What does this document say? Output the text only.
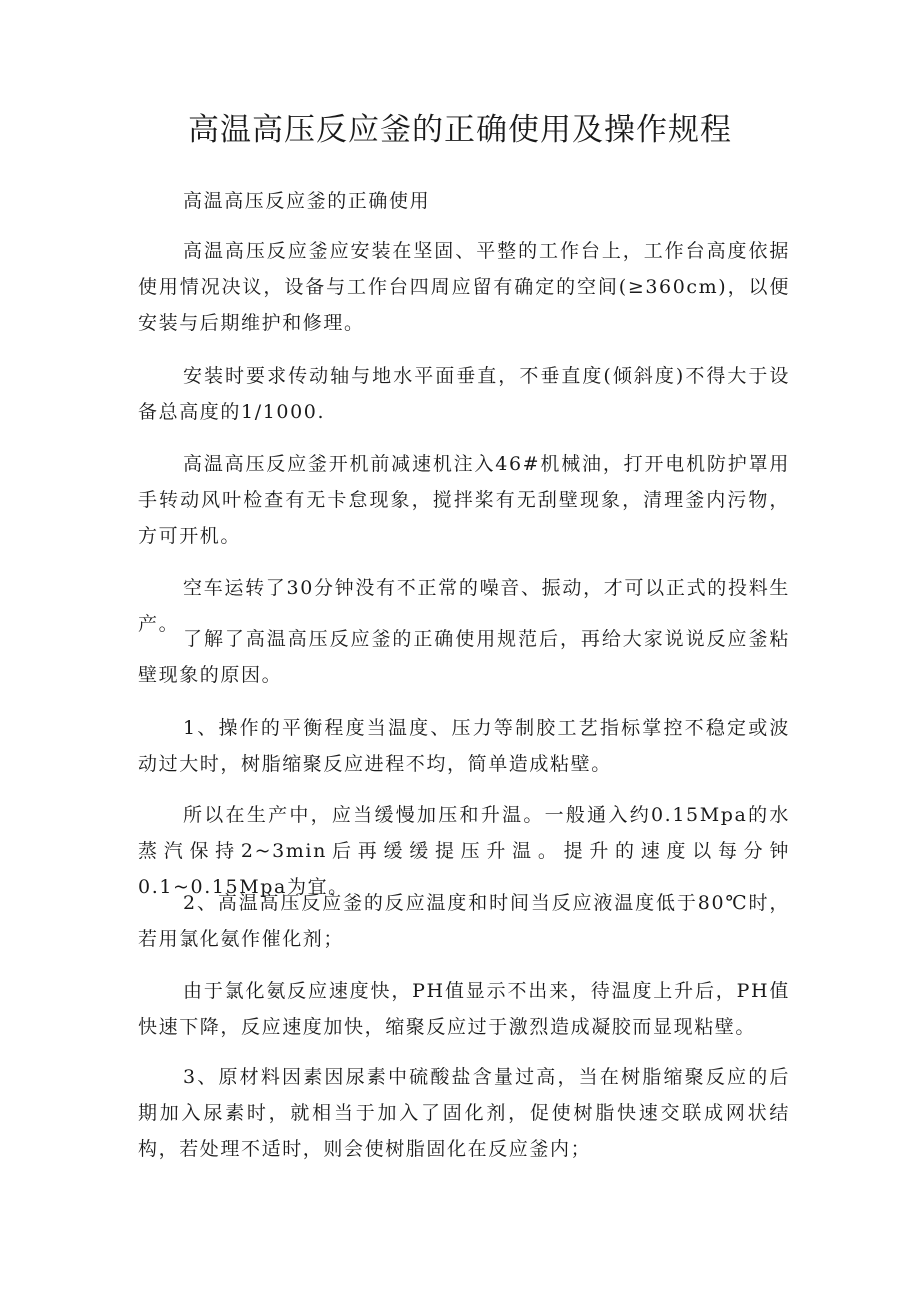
高温高压反应釜的正确使用及操作规程

高温高压反应釜的正确使用

高温高压反应釜应安装在坚固、平整的工作台上，工作台高度依据使用情况决议，设备与工作台四周应留有确定的空间(≥360cm)，以便安装与后期维护和修理。

安装时要求传动轴与地水平面垂直，不垂直度(倾斜度)不得大于设备总高度的1/1000.

高温高压反应釜开机前减速机注入46#机械油，打开电机防护罩用手转动风叶检查有无卡怠现象，搅拌桨有无刮壁现象，清理釜内污物，方可开机。

空车运转了30分钟没有不正常的噪音、振动，才可以正式的投料生产。

了解了高温高压反应釜的正确使用规范后，再给大家说说反应釜粘壁现象的原因。

1、操作的平衡程度当温度、压力等制胶工艺指标掌控不稳定或波动过大时，树脂缩聚反应进程不均，简单造成粘壁。

所以在生产中，应当缓慢加压和升温。一般通入约0.15Mpa的水蒸汽保持2~3min后再缓缓提压升温。提升的速度以每分钟0.1~0.15Mpa为宜。

2、高温高压反应釜的反应温度和时间当反应液温度低于80℃时，若用氯化氨作催化剂；

由于氯化氨反应速度快，PH值显示不出来，待温度上升后，PH值快速下降，反应速度加快，缩聚反应过于激烈造成凝胶而显现粘壁。

3、原材料因素因尿素中硫酸盐含量过高，当在树脂缩聚反应的后期加入尿素时，就相当于加入了固化剂，促使树脂快速交联成网状结构，若处理不适时，则会使树脂固化在反应釜内；
